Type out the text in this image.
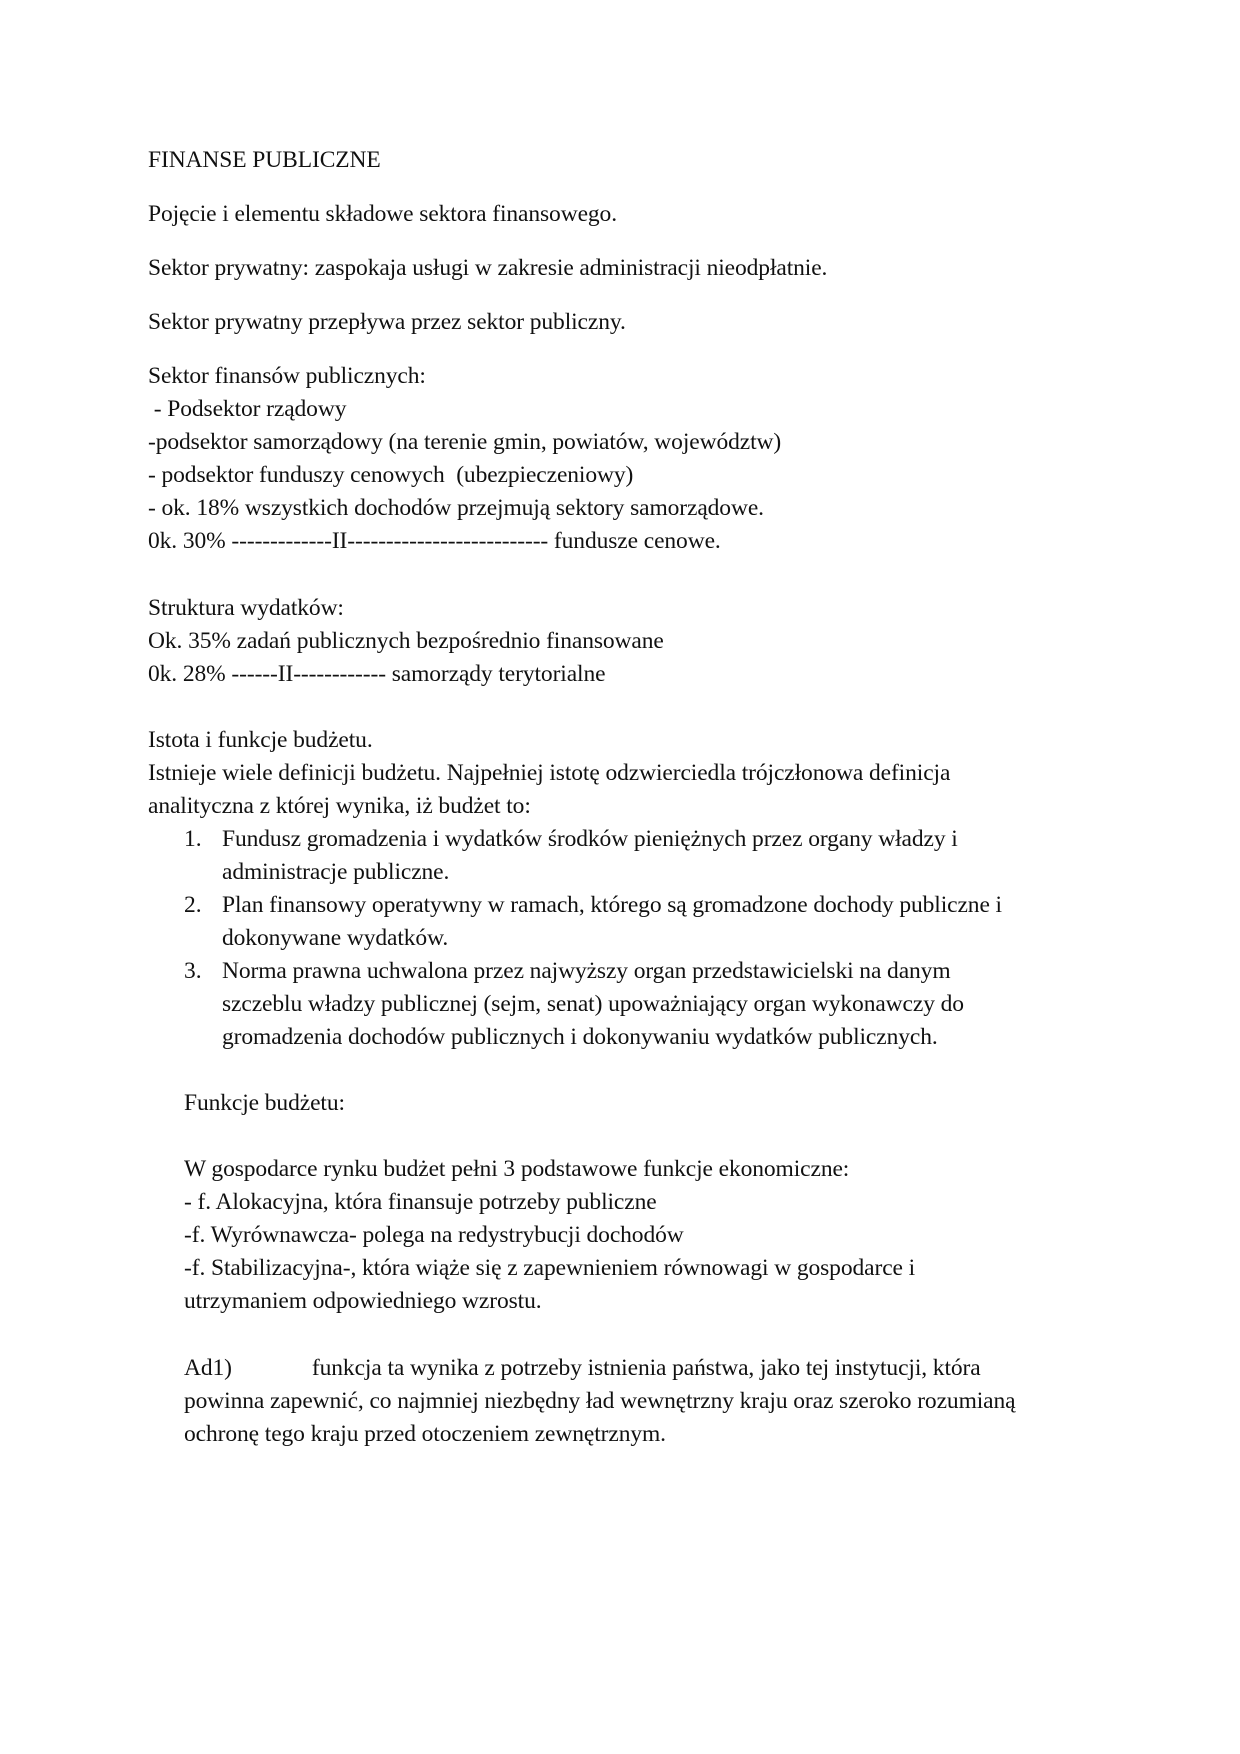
FINANSE PUBLICZNE
Pojęcie i elementu składowe sektora finansowego.
Sektor prywatny: zaspokaja usługi w zakresie administracji nieodpłatnie.
Sektor prywatny przepływa przez sektor publiczny.
Sektor finansów publicznych:
- Podsektor rządowy
-podsektor samorządowy (na terenie gmin, powiatów, województw)
- podsektor funduszy cenowych  (ubezpieczeniowy)
- ok. 18% wszystkich dochodów przejmują sektory samorządowe.
0k. 30% -------------II-------------------------- fundusze cenowe.
Struktura wydatków:
Ok. 35% zadań publicznych bezpośrednio finansowane
0k. 28% ------II------------ samorządy terytorialne
Istota i funkcje budżetu.
Istnieje wiele definicji budżetu. Najpełniej istotę odzwierciedla trójczłonowa definicja
analityczna z której wynika, iż budżet to:
1. Fundusz gromadzenia i wydatków środków pieniężnych przez organy władzy i
administracje publiczne.
2. Plan finansowy operatywny w ramach, którego są gromadzone dochody publiczne i
dokonywane wydatków.
3. Norma prawna uchwalona przez najwyższy organ przedstawicielski na danym
szczeblu władzy publicznej (sejm, senat) upoważniający organ wykonawczy do
gromadzenia dochodów publicznych i dokonywaniu wydatków publicznych.
Funkcje budżetu:
W gospodarce rynku budżet pełni 3 podstawowe funkcje ekonomiczne:
- f. Alokacyjna, która finansuje potrzeby publiczne
-f. Wyrównawcza- polega na redystrybucji dochodów
-f. Stabilizacyjna-, która wiąże się z zapewnieniem równowagi w gospodarce i
utrzymaniem odpowiedniego wzrostu.
Ad1)	funkcja ta wynika z potrzeby istnienia państwa, jako tej instytucji, która
powinna zapewnić, co najmniej niezbędny ład wewnętrzny kraju oraz szeroko rozumianą
ochronę tego kraju przed otoczeniem zewnętrznym.
